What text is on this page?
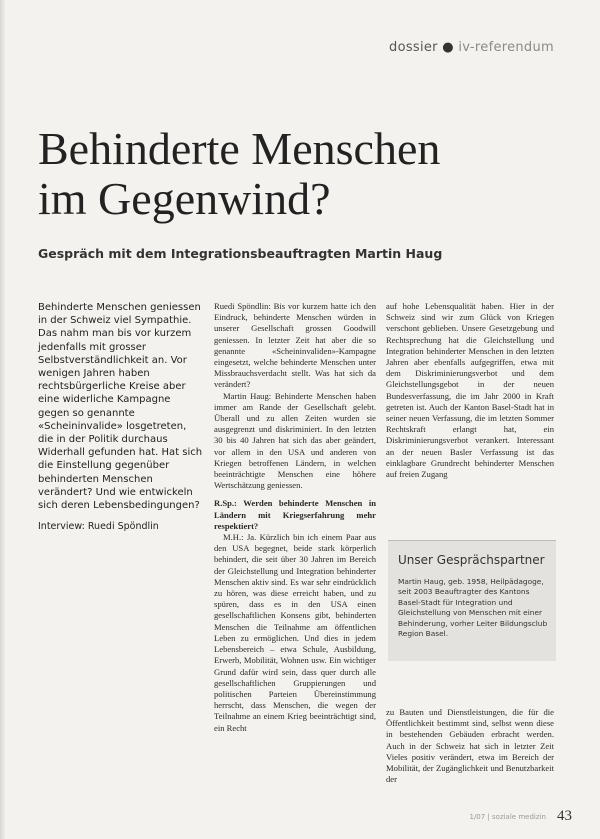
dossier ● iv-referendum
Behinderte Menschen
im Gegenwind?

Gespräch mit dem Integrationsbeauftragten Martin Haug

Behinderte Menschen geniessen in der Schweiz viel Sympathie. Das nahm man bis vor kurzem jedenfalls mit grosser Selbstverständlichkeit an. Vor wenigen Jahren haben rechtsbürgerliche Kreise aber eine widerliche Kampagne gegen so genannte «Scheininvalide» losgetreten, die in der Politik durchaus Widerhall gefunden hat. Hat sich die Einstellung gegenüber behinderten Menschen verändert? Und wie entwickeln sich deren Lebensbedingungen?

Interview: Ruedi Spöndlin

Ruedi Spöndlin: Bis vor kurzem hatte ich den Eindruck, behinderte Menschen würden in unserer Gesellschaft grossen Goodwill geniessen. In letzter Zeit hat aber die so genannte «Scheininvaliden»-Kampagne eingesetzt, welche behinderte Menschen unter Missbrauchsverdacht stellt. Was hat sich da verändert?

Martin Haug: Behinderte Menschen haben immer am Rande der Gesellschaft gelebt. Überall und zu allen Zeiten wurden sie ausgegrenzt und diskriminiert. In den letzten 30 bis 40 Jahren hat sich das aber geändert, vor allem in den USA und anderen von Kriegen betroffenen Ländern, in welchen beeinträchtigte Menschen eine höhere Wertschätzung geniessen.

R.Sp.: Werden behinderte Menschen in Ländern mit Kriegserfahrung mehr respektiert?

M.H.: Ja. Kürzlich bin ich einem Paar aus den USA begegnet, beide stark körperlich behindert, die seit über 30 Jahren im Bereich der Gleichstellung und Integration behinderter Menschen aktiv sind. Es war sehr eindrücklich zu hören, was diese erreicht haben, und zu spüren, dass es in den USA einen gesellschaftlichen Konsens gibt, behinderten Menschen die Teilnahme am öffentlichen Leben zu ermöglichen. Und dies in jedem Lebensbereich – etwa Schule, Ausbildung, Erwerb, Mobilität, Wohnen usw. Ein wichtiger Grund dafür wird sein, dass quer durch alle gesellschaftlichen Gruppierungen und politischen Parteien Übereinstimmung herrscht, dass Menschen, die wegen der Teilnahme an einem Krieg beeinträchtigt sind, ein Recht

auf hohe Lebensqualität haben. Hier in der Schweiz sind wir zum Glück von Kriegen verschont geblieben. Unsere Gesetzgebung und Rechtsprechung hat die Gleichstellung und Integration behinderter Menschen in den letzten Jahren aber ebenfalls aufgegriffen, etwa mit dem Diskriminierungsverbot und dem Gleichstellungsgebot in der neuen Bundesverfassung, die im Jahr 2000 in Kraft getreten ist. Auch der Kanton Basel-Stadt hat in seiner neuen Verfassung, die im letzten Sommer Rechtskraft erlangt hat, ein Diskriminierungsverbot verankert. Interessant an der neuen Basler Verfassung ist das einklagbare Grundrecht behinderter Menschen auf freien Zugang

Unser Gesprächspartner

Martin Haug, geb. 1958, Heilpädagoge, seit 2003 Beauftragter des Kantons Basel-Stadt für Integration und Gleichstellung von Menschen mit einer Behinderung, vorher Leiter Bildungsclub Region Basel.

zu Bauten und Dienstleistungen, die für die Öffentlichkeit bestimmt sind, selbst wenn diese in bestehenden Gebäuden erbracht werden. Auch in der Schweiz hat sich in letzter Zeit Vieles positiv verändert, etwa im Bereich der Mobilität, der Zugänglichkeit und Benutzbarkeit der

1/07 | soziale medizin 43
